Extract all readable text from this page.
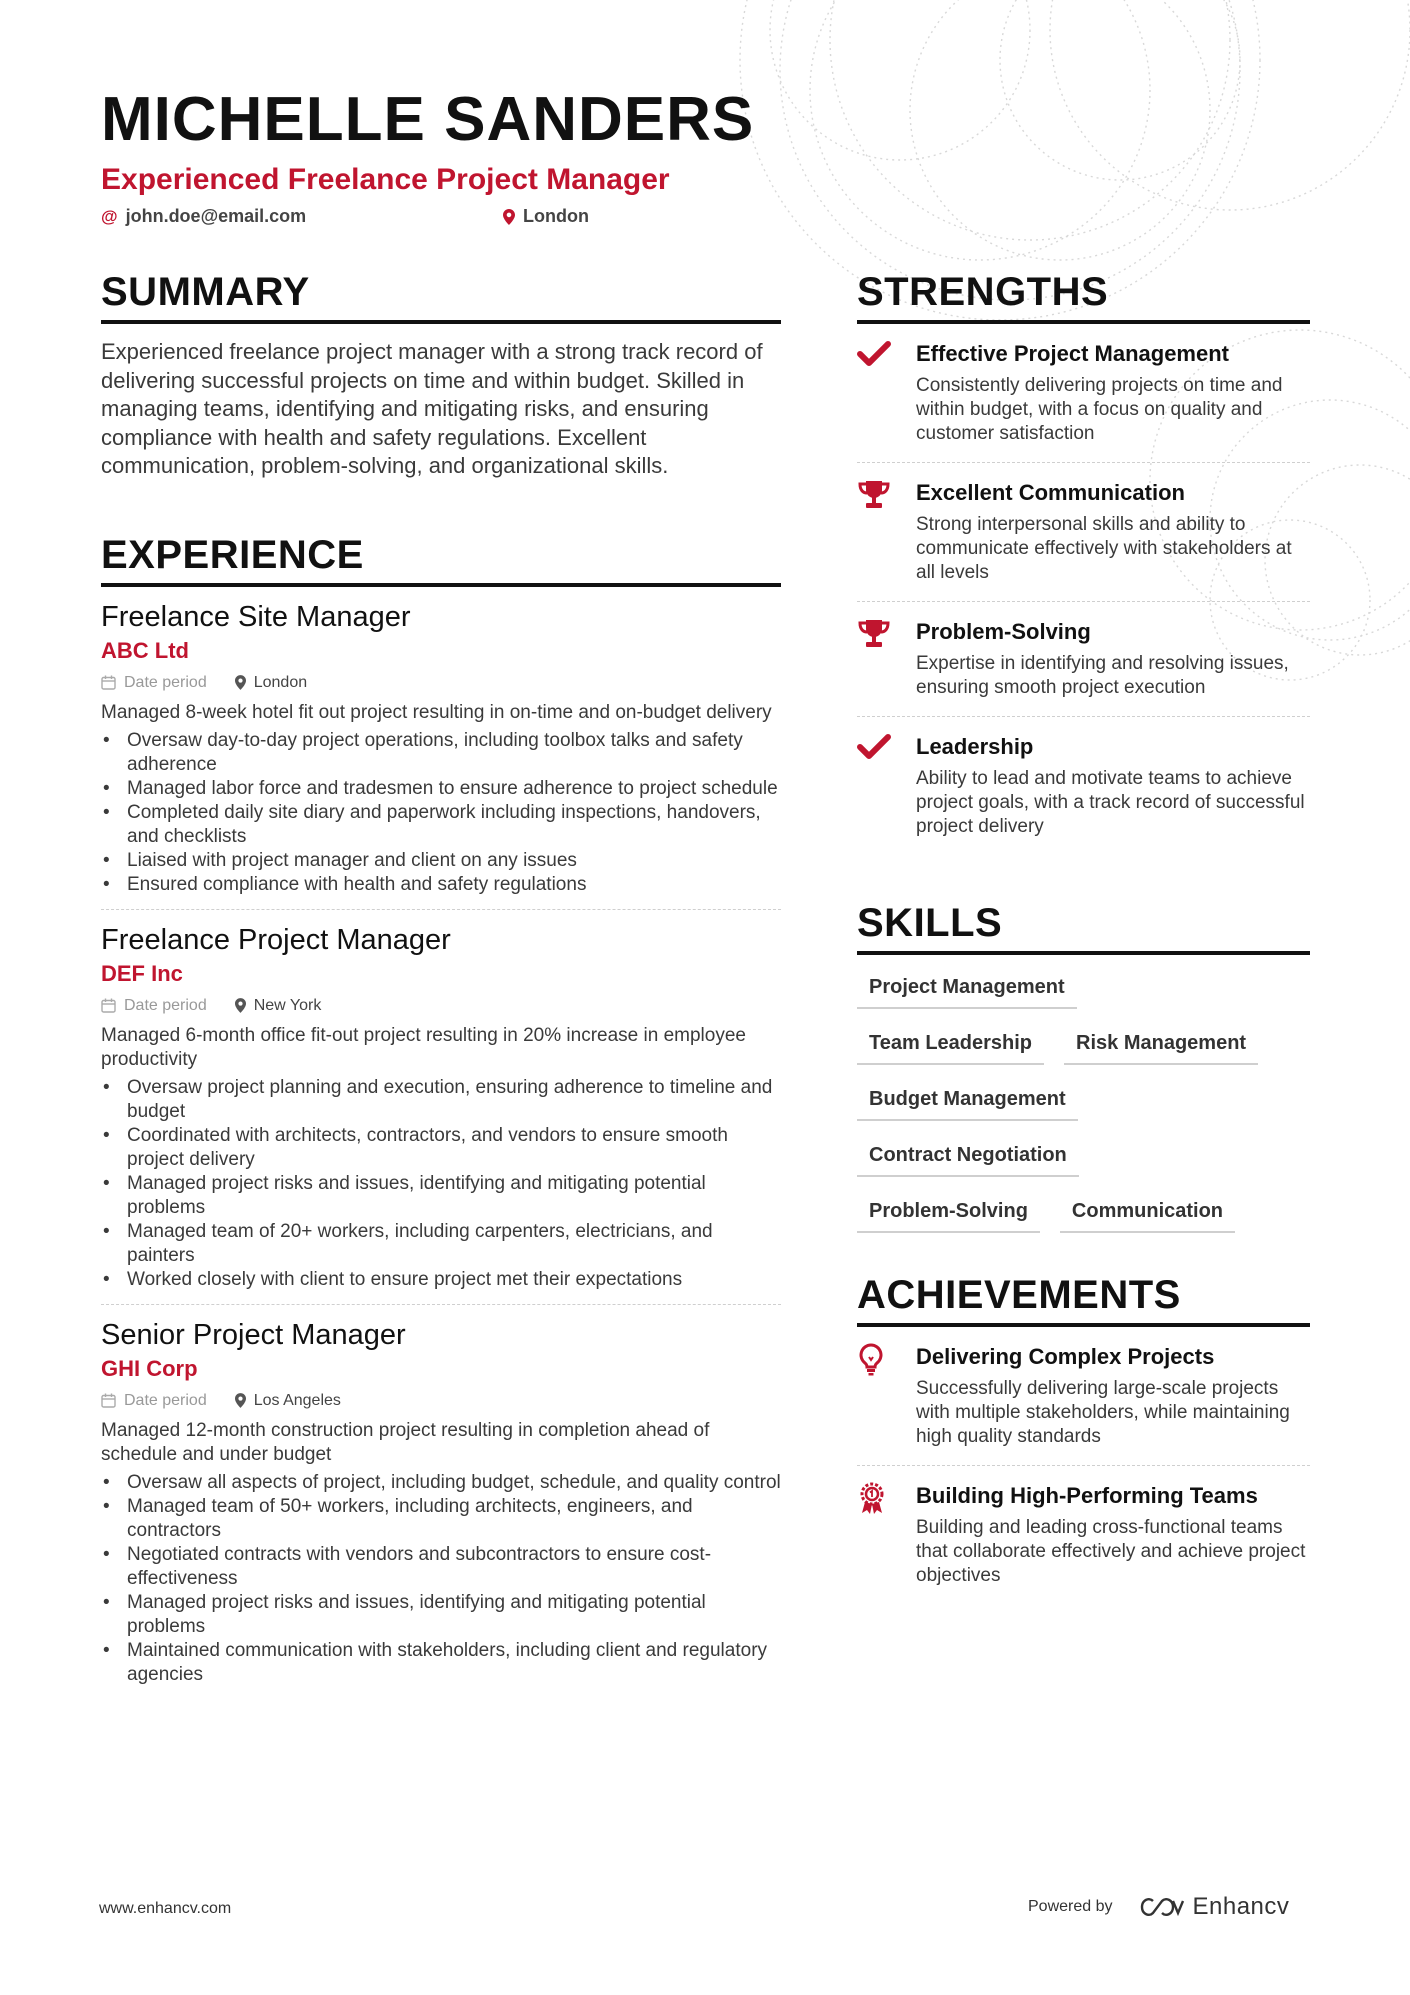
MICHELLE SANDERS
Experienced Freelance Project Manager
@ john.doe@email.com	London
SUMMARY
Experienced freelance project manager with a strong track record of delivering successful projects on time and within budget. Skilled in managing teams, identifying and mitigating risks, and ensuring compliance with health and safety regulations. Excellent communication, problem-solving, and organizational skills.
EXPERIENCE
Freelance Site Manager
ABC Ltd
Date period	London
Managed 8-week hotel fit out project resulting in on-time and on-budget delivery
• Oversaw day-to-day project operations, including toolbox talks and safety adherence
• Managed labor force and tradesmen to ensure adherence to project schedule
• Completed daily site diary and paperwork including inspections, handovers, and checklists
• Liaised with project manager and client on any issues
• Ensured compliance with health and safety regulations
Freelance Project Manager
DEF Inc
Date period	New York
Managed 6-month office fit-out project resulting in 20% increase in employee productivity
• Oversaw project planning and execution, ensuring adherence to timeline and budget
• Coordinated with architects, contractors, and vendors to ensure smooth project delivery
• Managed project risks and issues, identifying and mitigating potential problems
• Managed team of 20+ workers, including carpenters, electricians, and painters
• Worked closely with client to ensure project met their expectations
Senior Project Manager
GHI Corp
Date period	Los Angeles
Managed 12-month construction project resulting in completion ahead of schedule and under budget
• Oversaw all aspects of project, including budget, schedule, and quality control
• Managed team of 50+ workers, including architects, engineers, and contractors
• Negotiated contracts with vendors and subcontractors to ensure cost-effectiveness
• Managed project risks and issues, identifying and mitigating potential problems
• Maintained communication with stakeholders, including client and regulatory agencies
STRENGTHS
Effective Project Management
Consistently delivering projects on time and within budget, with a focus on quality and customer satisfaction
Excellent Communication
Strong interpersonal skills and ability to communicate effectively with stakeholders at all levels
Problem-Solving
Expertise in identifying and resolving issues, ensuring smooth project execution
Leadership
Ability to lead and motivate teams to achieve project goals, with a track record of successful project delivery
SKILLS
Project Management
Team Leadership	Risk Management
Budget Management
Contract Negotiation
Problem-Solving	Communication
ACHIEVEMENTS
Delivering Complex Projects
Successfully delivering large-scale projects with multiple stakeholders, while maintaining high quality standards
Building High-Performing Teams
Building and leading cross-functional teams that collaborate effectively and achieve project objectives
www.enhancv.com	Powered by	Enhancv
